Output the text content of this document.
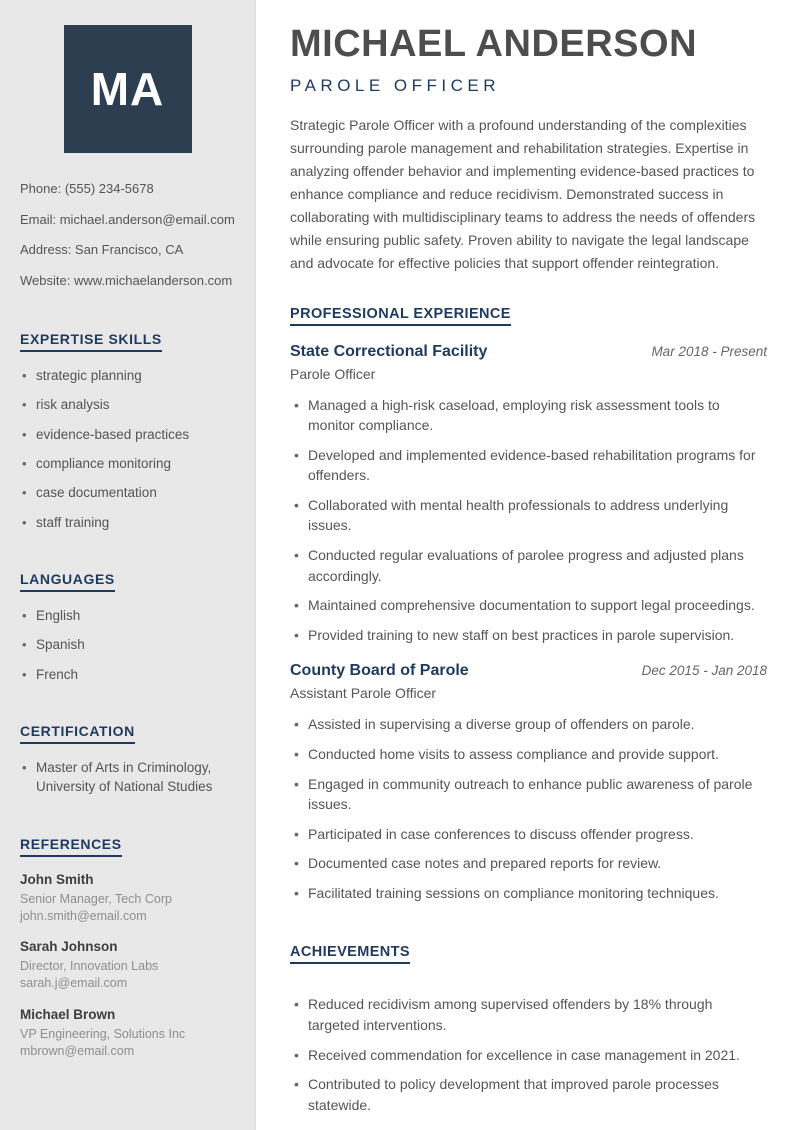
MA
Phone: (555) 234-5678
Email: michael.anderson@email.com
Address: San Francisco, CA
Website: www.michaelanderson.com
EXPERTISE SKILLS
• strategic planning
• risk analysis
• evidence-based practices
• compliance monitoring
• case documentation
• staff training
LANGUAGES
• English
• Spanish
• French
CERTIFICATION
• Master of Arts in Criminology, University of National Studies
REFERENCES
John Smith
Senior Manager, Tech Corp
john.smith@email.com
Sarah Johnson
Director, Innovation Labs
sarah.j@email.com
Michael Brown
VP Engineering, Solutions Inc
mbrown@email.com
MICHAEL ANDERSON
PAROLE OFFICER

Strategic Parole Officer with a profound understanding of the complexities surrounding parole management and rehabilitation strategies. Expertise in analyzing offender behavior and implementing evidence-based practices to enhance compliance and reduce recidivism. Demonstrated success in collaborating with multidisciplinary teams to address the needs of offenders while ensuring public safety. Proven ability to navigate the legal landscape and advocate for effective policies that support offender reintegration.

PROFESSIONAL EXPERIENCE
State Correctional Facility	Mar 2018 - Present
Parole Officer
• Managed a high-risk caseload, employing risk assessment tools to monitor compliance.
• Developed and implemented evidence-based rehabilitation programs for offenders.
• Collaborated with mental health professionals to address underlying issues.
• Conducted regular evaluations of parolee progress and adjusted plans accordingly.
• Maintained comprehensive documentation to support legal proceedings.
• Provided training to new staff on best practices in parole supervision.
County Board of Parole	Dec 2015 - Jan 2018
Assistant Parole Officer
• Assisted in supervising a diverse group of offenders on parole.
• Conducted home visits to assess compliance and provide support.
• Engaged in community outreach to enhance public awareness of parole issues.
• Participated in case conferences to discuss offender progress.
• Documented case notes and prepared reports for review.
• Facilitated training sessions on compliance monitoring techniques.
ACHIEVEMENTS
• Reduced recidivism among supervised offenders by 18% through targeted interventions.
• Received commendation for excellence in case management in 2021.
• Contributed to policy development that improved parole processes statewide.
